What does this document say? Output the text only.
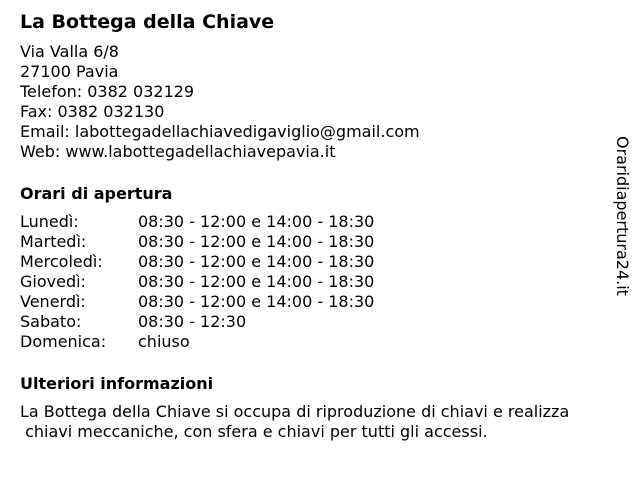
La Bottega della Chiave
Via Valla 6/8
27100 Pavia
Telefon: 0382 032129
Fax: 0382 032130
Email: labottegadellachiavedigaviglio@gmail.com
Web: www.labottegadellachiavepavia.it
Orari di apertura
Lunedì:	08:30 - 12:00 e 14:00 - 18:30
Martedì:	08:30 - 12:00 e 14:00 - 18:30
Mercoledì:	08:30 - 12:00 e 14:00 - 18:30
Giovedì:	08:30 - 12:00 e 14:00 - 18:30
Venerdì:	08:30 - 12:00 e 14:00 - 18:30
Sabato:	08:30 - 12:30
Domenica:	chiuso
Ulteriori informazioni
La Bottega della Chiave si occupa di riproduzione di chiavi e realizza
chiavi meccaniche, con sfera e chiavi per tutti gli accessi.
Oraridiapertura24.it
